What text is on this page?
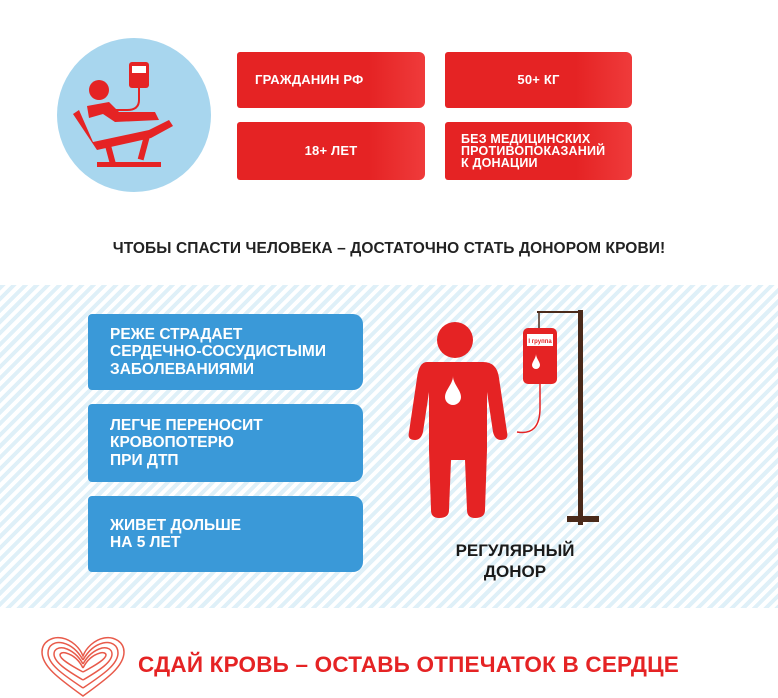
ГРАЖДАНИН РФ	50+ КГ
18+ ЛЕТ
БЕЗ МЕДИЦИНСКИХ
ПРОТИВОПОКАЗАНИЙ
К ДОНАЦИИ
ЧТОБЫ СПАСТИ ЧЕЛОВЕКА – ДОСТАТОЧНО СТАТЬ ДОНОРОМ КРОВИ!
РЕЖЕ СТРАДАЕТ
СЕРДЕЧНО-СОСУДИСТЫМИ
ЗАБОЛЕВАНИЯМИ
ЛЕГЧЕ ПЕРЕНОСИТ
КРОВОПОТЕРЮ
ПРИ ДТП
ЖИВЕТ ДОЛЬШЕ
НА 5 ЛЕТ
I группа
РЕГУЛЯРНЫЙ
ДОНОР
СДАЙ КРОВЬ – ОСТАВЬ ОТПЕЧАТОК В СЕРДЦЕ
